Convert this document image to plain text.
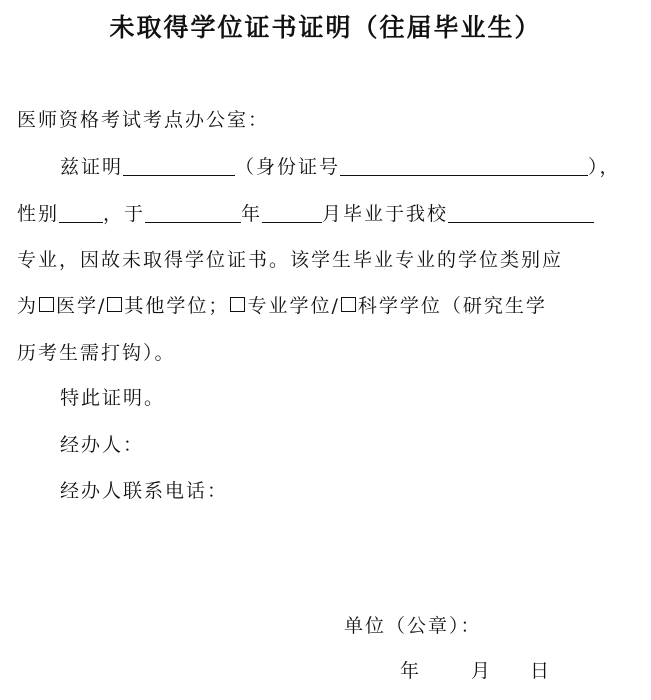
未取得学位证书证明（往届毕业生）
医师资格考试考点办公室：
兹证明	（身份证号	），
性别 ，于	年	月毕业于我校
专业，因故未取得学位证书。该学生毕业专业的学位类别应
为 医学/ 其他学位； 专业学位/ 科学学位（研究生学
历考生需打钩）。
特此证明。
经办人：
经办人联系电话：
单位（公章）：
年	月 日
